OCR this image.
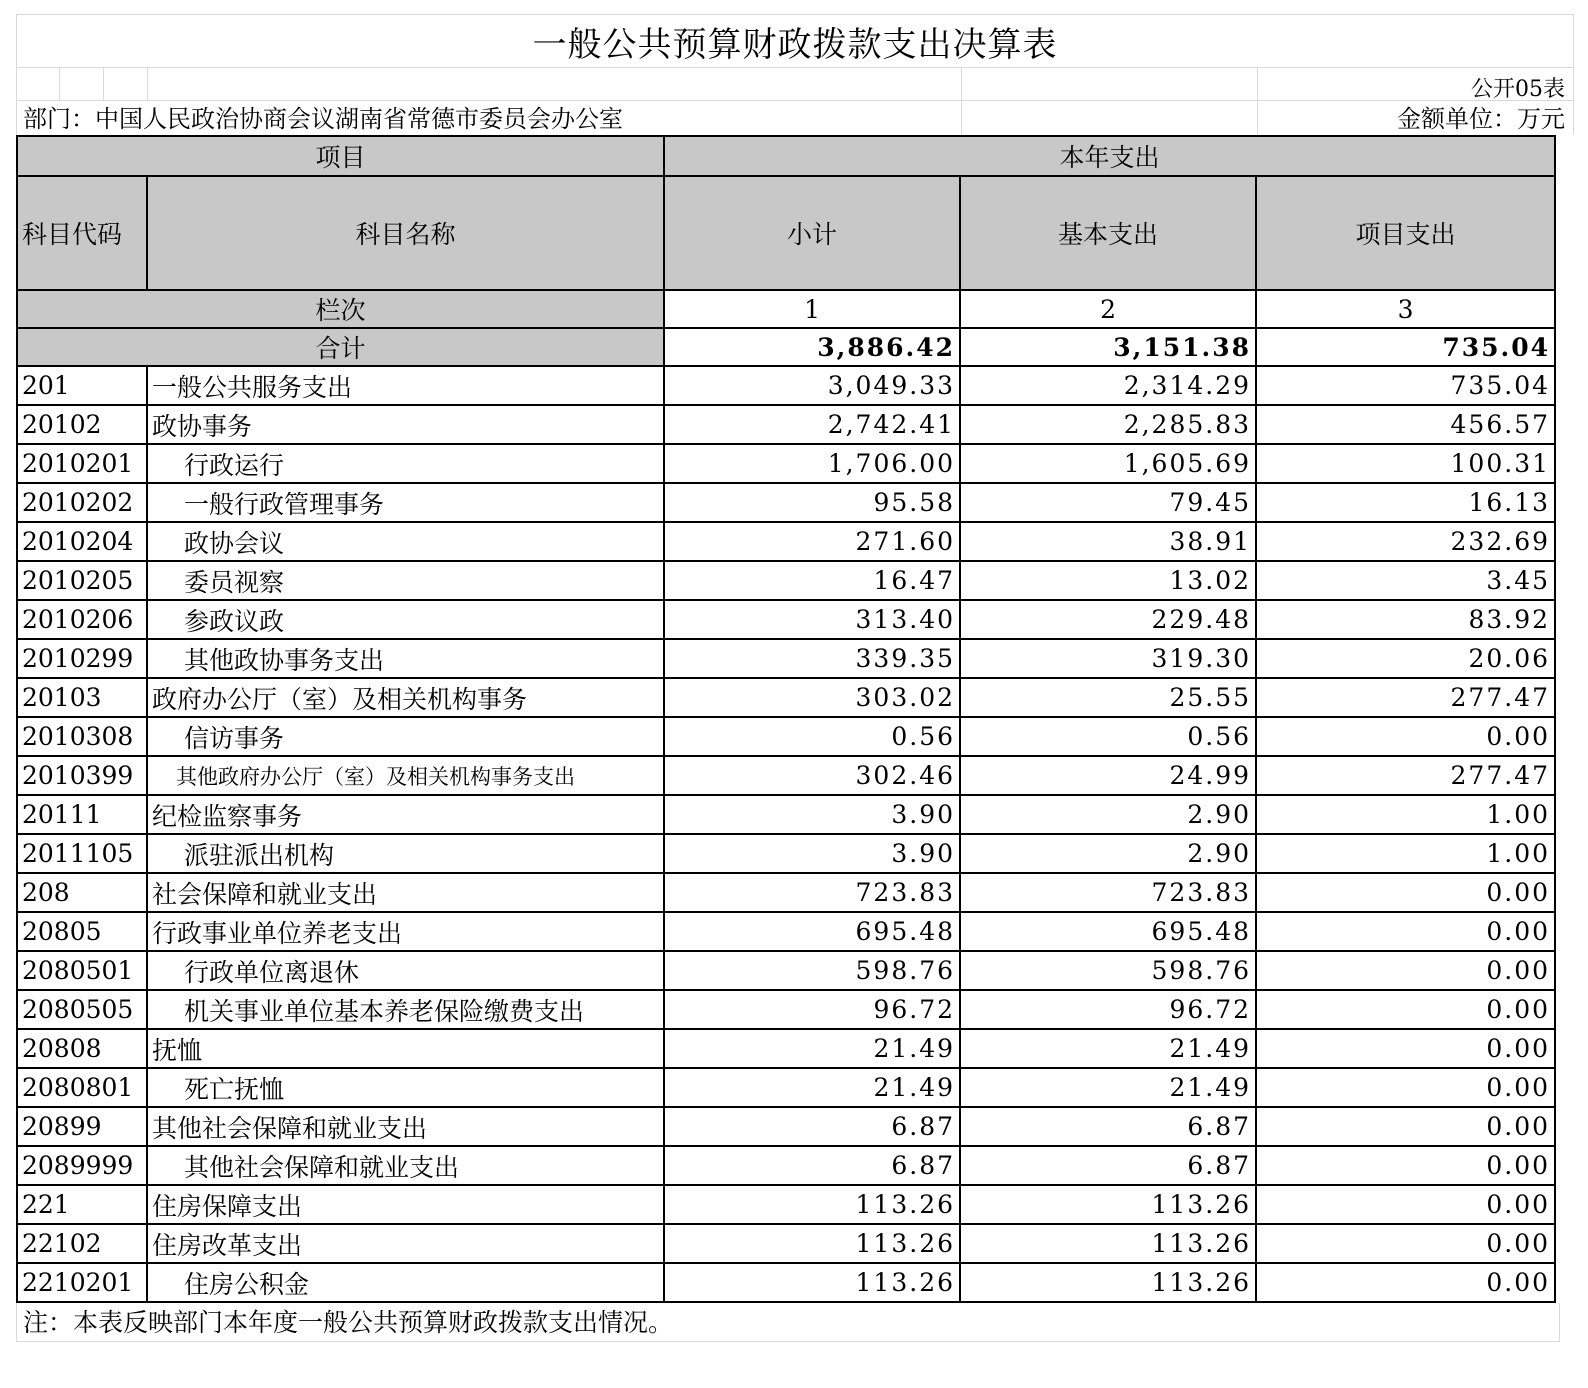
一般公共预算财政拨款支出决算表
公开05表
部门：中国人民政治协商会议湖南省常德市委员会办公室	金额单位：万元
项目		本年支出		
科目代码	科目名称	小计	基本支出	项目支出
栏次		1	2	3
合计		3,886.42	3,151.38	735.04
201	一般公共服务支出	3,049.33	2,314.29	735.04
20102	政协事务	2,742.41	2,285.83	456.57
2010201	行政运行	1,706.00	1,605.69	100.31
2010202	一般行政管理事务	95.58	79.45	16.13
2010204	政协会议	271.60	38.91	232.69
2010205	委员视察	16.47	13.02	3.45
2010206	参政议政	313.40	229.48	83.92
2010299	其他政协事务支出	339.35	319.30	20.06
20103	政府办公厅（室）及相关机构事务	303.02	25.55	277.47
2010308	信访事务	0.56	0.56	0.00
2010399	其他政府办公厅（室）及相关机构事务支出	302.46	24.99	277.47
20111	纪检监察事务	3.90	2.90	1.00
2011105	派驻派出机构	3.90	2.90	1.00
208	社会保障和就业支出	723.83	723.83	0.00
20805	行政事业单位养老支出	695.48	695.48	0.00
2080501	行政单位离退休	598.76	598.76	0.00
2080505	机关事业单位基本养老保险缴费支出	96.72	96.72	0.00
20808	抚恤	21.49	21.49	0.00
2080801	死亡抚恤	21.49	21.49	0.00
20899	其他社会保障和就业支出	6.87	6.87	0.00
2089999	其他社会保障和就业支出	6.87	6.87	0.00
221	住房保障支出	113.26	113.26	0.00
22102	住房改革支出	113.26	113.26	0.00
2210201	住房公积金	113.26	113.26	0.00
注：本表反映部门本年度一般公共预算财政拨款支出情况。
